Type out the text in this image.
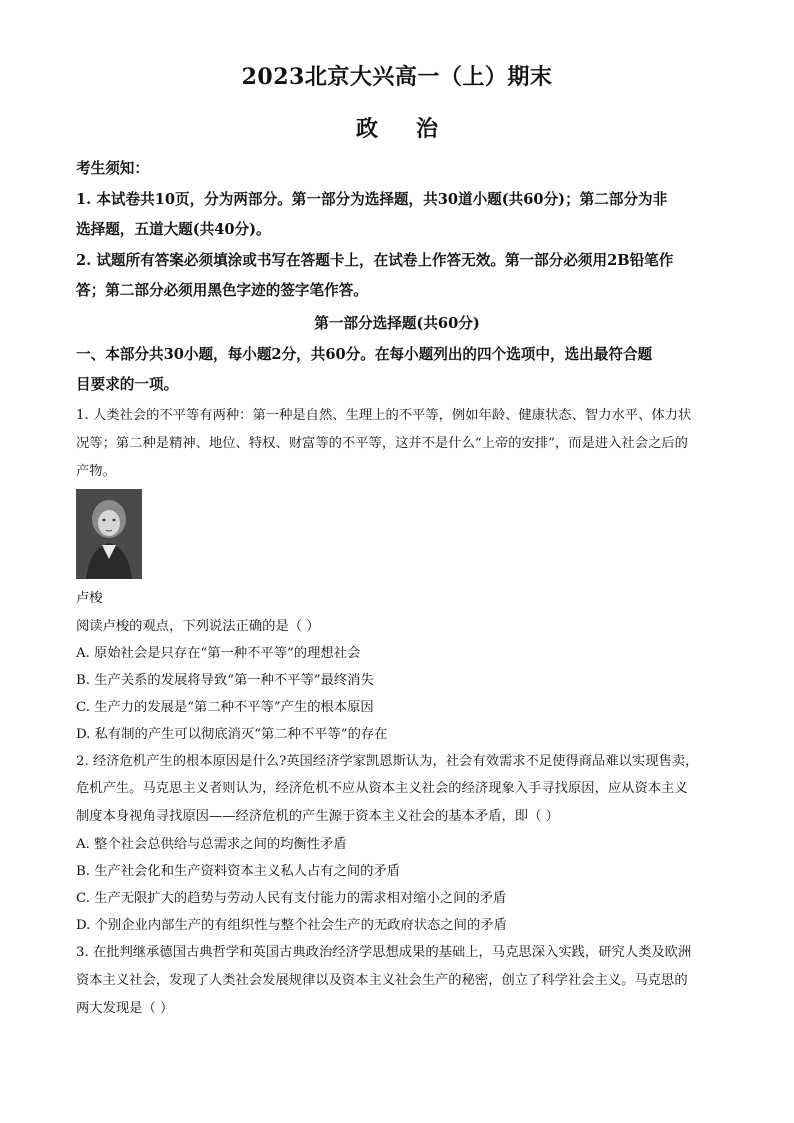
2023北京大兴高一（上）期末
政治
考生须知：
1. 本试卷共10页，分为两部分。第一部分为选择题，共30道小题(共60分)；第二部分为非
选择题，五道大题(共40分)。
2. 试题所有答案必须填涂或书写在答题卡上，在试卷上作答无效。第一部分必须用2B铅笔作
答；第二部分必须用黑色字迹的签字笔作答。
第一部分选择题(共60分)
一、本部分共30小题，每小题2分，共60分。在每小题列出的四个选项中，选出最符合题
目要求的一项。
1. 人类社会的不平等有两种：第一种是自然、生理上的不平等，例如年龄、健康状态、智力水平、体力状
况等；第二种是精神、地位、特权、财富等的不平等，这并不是什么“上帝的安排”，而是进入社会之后的
产物。
卢梭
阅读卢梭的观点，下列说法正确的是（ ）
A. 原始社会是只存在“第一种不平等”的理想社会
B. 生产关系的发展将导致“第一种不平等”最终消失
C. 生产力的发展是“第二种不平等”产生的根本原因
D. 私有制的产生可以彻底消灭“第二种不平等”的存在
2. 经济危机产生的根本原因是什么?英国经济学家凯恩斯认为，社会有效需求不足使得商品难以实现售卖，
危机产生。马克思主义者则认为，经济危机不应从资本主义社会的经济现象入手寻找原因，应从资本主义
制度本身视角寻找原因——经济危机的产生源于资本主义社会的基本矛盾，即（ ）
A. 整个社会总供给与总需求之间的均衡性矛盾
B. 生产社会化和生产资料资本主义私人占有之间的矛盾
C. 生产无限扩大的趋势与劳动人民有支付能力的需求相对缩小之间的矛盾
D. 个别企业内部生产的有组织性与整个社会生产的无政府状态之间的矛盾
3. 在批判继承德国古典哲学和英国古典政治经济学思想成果的基础上，马克思深入实践，研究人类及欧洲
资本主义社会，发现了人类社会发展规律以及资本主义社会生产的秘密，创立了科学社会主义。马克思的
两大发现是（ ）
